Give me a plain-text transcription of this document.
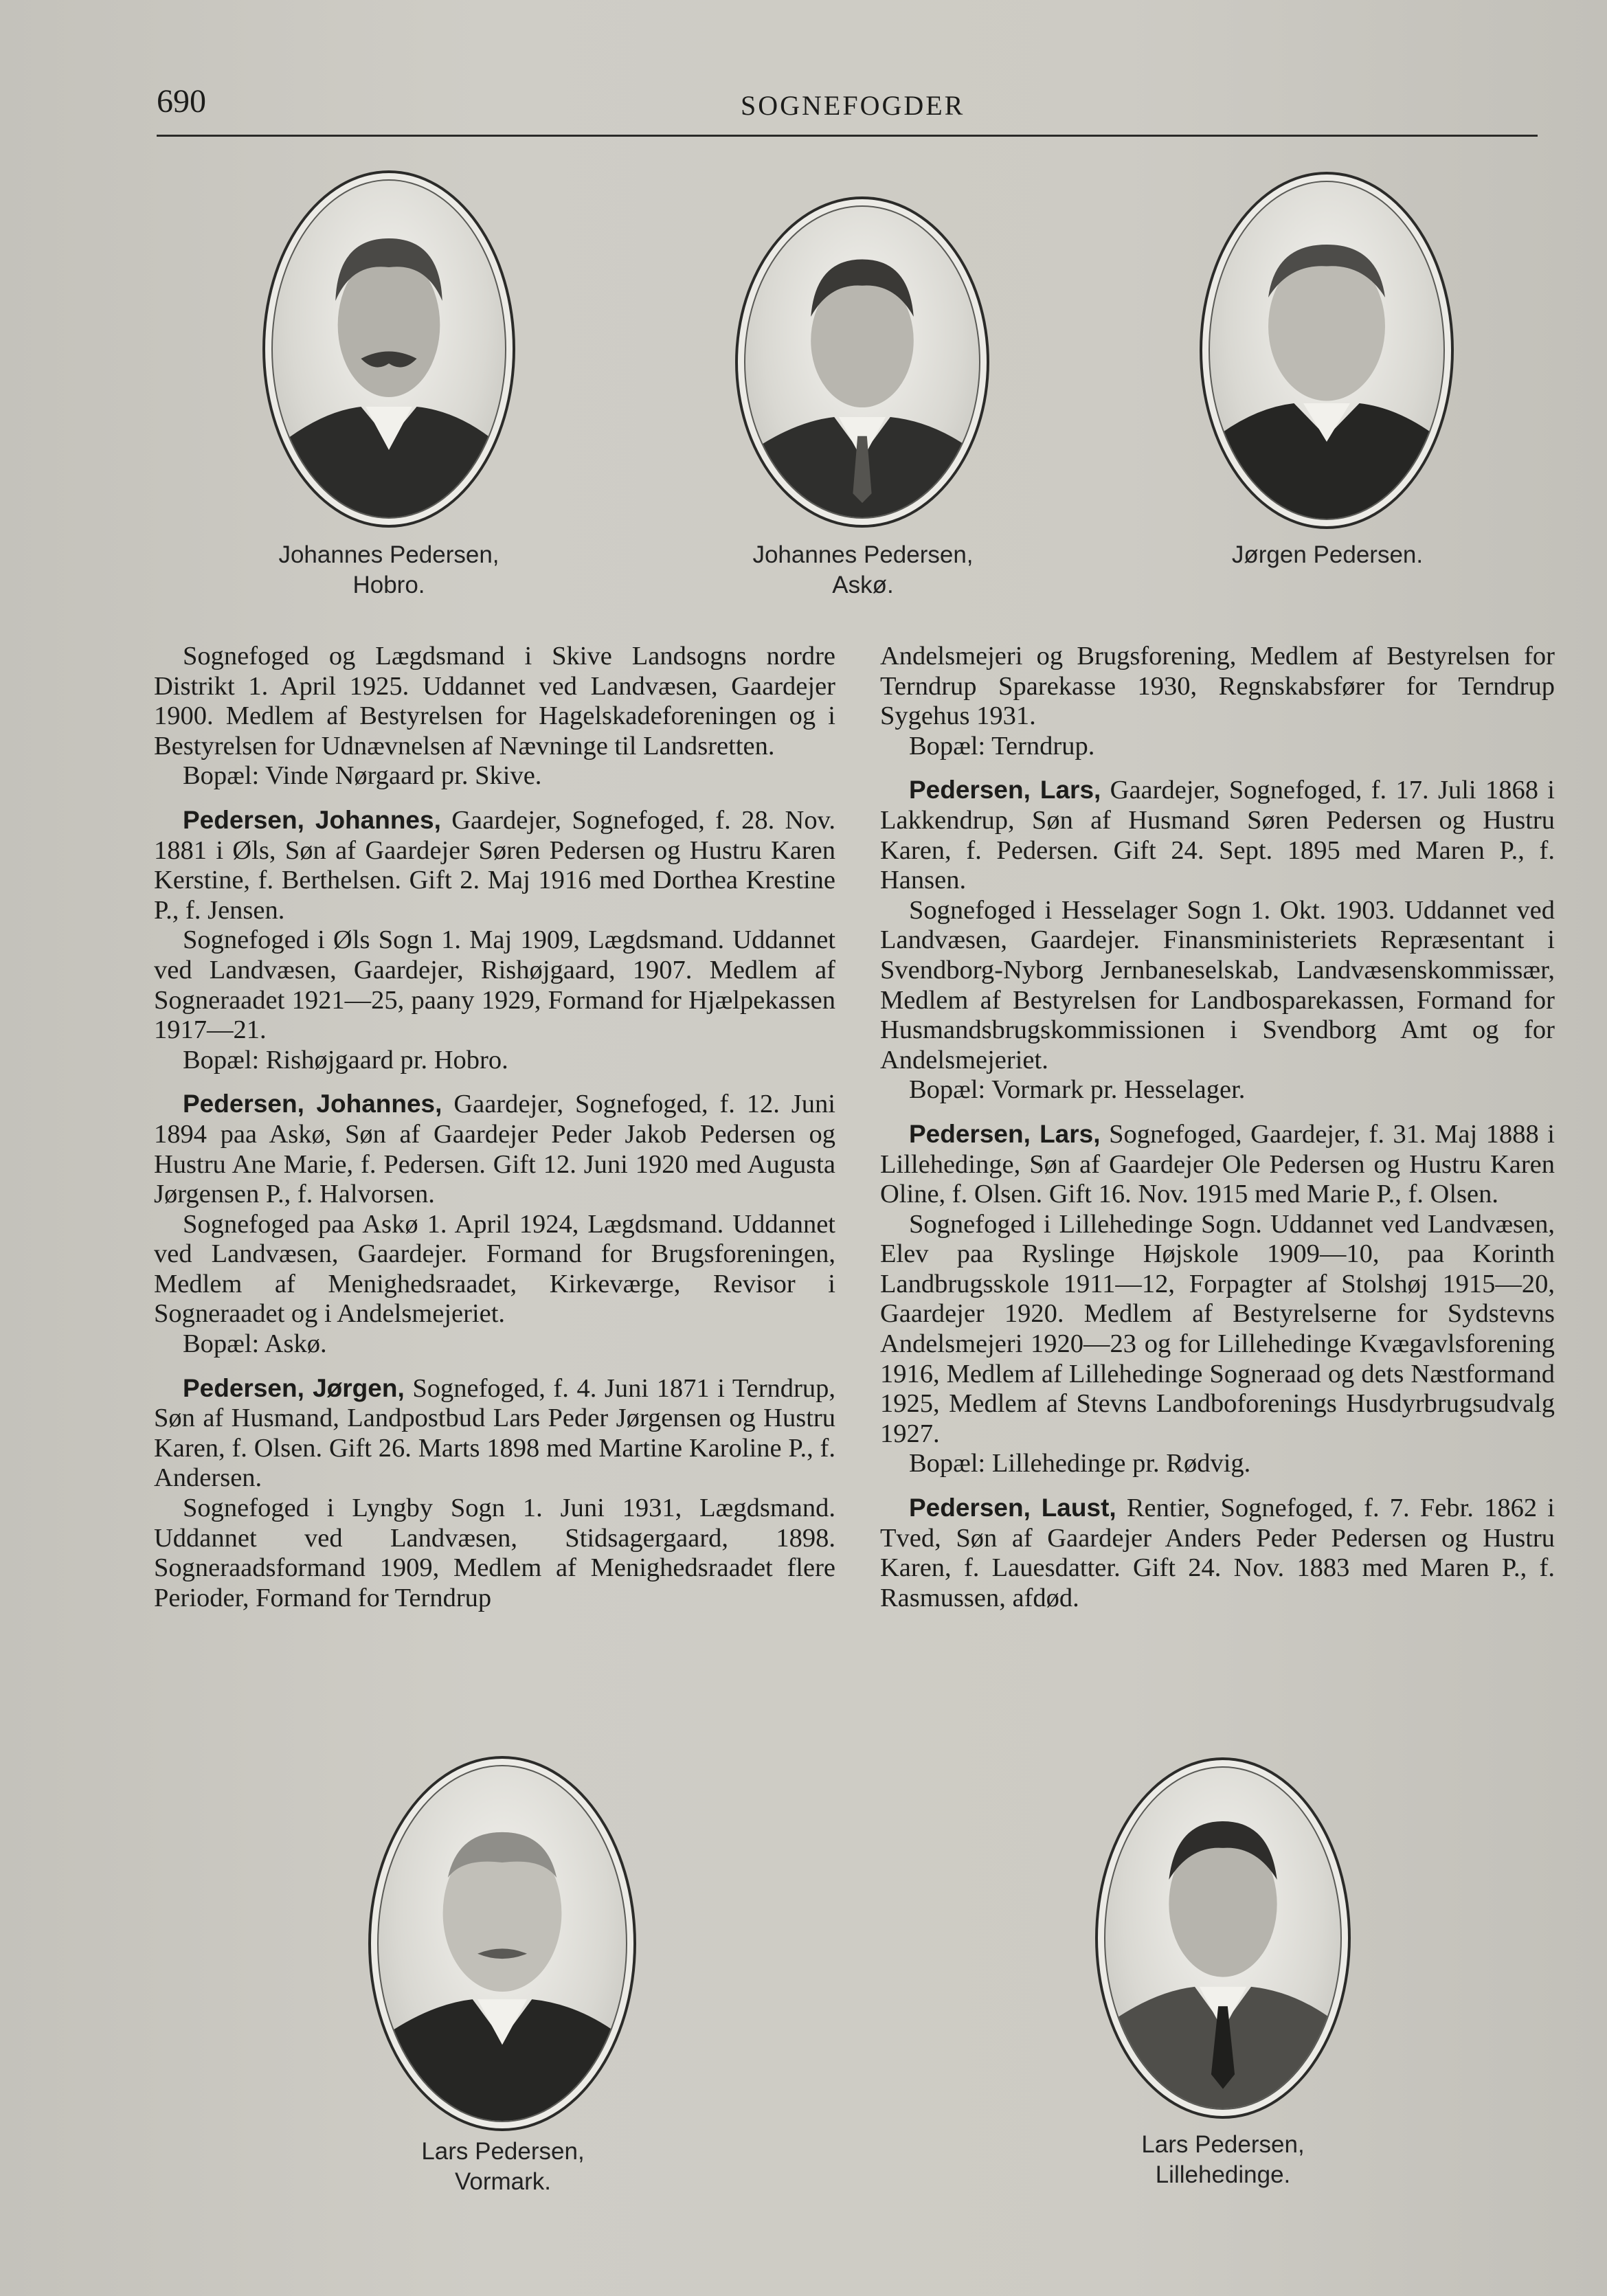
690	SOGNEFOGDER
Johannes Pedersen,
Hobro.
Johannes Pedersen,
Askø.
Jørgen Pedersen.

Sognefoged og Lægdsmand i Skive Landsogns nordre Distrikt 1. April 1925. Uddannet ved Landvæsen, Gaardejer 1900. Medlem af Bestyrelsen for Hagelskadeforeningen og i Bestyrelsen for Udnævnelsen af Nævninge til Landsretten.

Bopæl: Vinde Nørgaard pr. Skive.

Pedersen, Johannes, Gaardejer, Sognefoged, f. 28. Nov. 1881 i Øls, Søn af Gaardejer Søren Pedersen og Hustru Karen Kerstine, f. Berthelsen. Gift 2. Maj 1916 med Dorthea Krestine P., f. Jensen.

Sognefoged i Øls Sogn 1. Maj 1909, Lægdsmand. Uddannet ved Landvæsen, Gaardejer, Rishøjgaard, 1907. Medlem af Sogneraadet 1921—25, paany 1929, Formand for Hjælpekassen 1917—21.

Bopæl: Rishøjgaard pr. Hobro.

Pedersen, Johannes, Gaardejer, Sognefoged, f. 12. Juni 1894 paa Askø, Søn af Gaardejer Peder Jakob Pedersen og Hustru Ane Marie, f. Pedersen. Gift 12. Juni 1920 med Augusta Jørgensen P., f. Halvorsen.

Sognefoged paa Askø 1. April 1924, Lægdsmand. Uddannet ved Landvæsen, Gaardejer. Formand for Brugsforeningen, Medlem af Menighedsraadet, Kirkeværge, Revisor i Sogneraadet og i Andelsmejeriet.

Bopæl: Askø.

Pedersen, Jørgen, Sognefoged, f. 4. Juni 1871 i Terndrup, Søn af Husmand, Landpostbud Lars Peder Jørgensen og Hustru Karen, f. Olsen. Gift 26. Marts 1898 med Martine Karoline P., f. Andersen.

Sognefoged i Lyngby Sogn 1. Juni 1931, Lægdsmand. Uddannet ved Landvæsen, Stidsagergaard, 1898. Sogneraadsformand 1909, Medlem af Menighedsraadet flere Perioder, Formand for Terndrup

Andelsmejeri og Brugsforening, Medlem af Bestyrelsen for Terndrup Sparekasse 1930, Regnskabsfører for Terndrup Sygehus 1931.

Bopæl: Terndrup.

Pedersen, Lars, Gaardejer, Sognefoged, f. 17. Juli 1868 i Lakkendrup, Søn af Husmand Søren Pedersen og Hustru Karen, f. Pedersen. Gift 24. Sept. 1895 med Maren P., f. Hansen.

Sognefoged i Hesselager Sogn 1. Okt. 1903. Uddannet ved Landvæsen, Gaardejer. Finansministeriets Repræsentant i Svendborg-Nyborg Jernbaneselskab, Landvæsenskommissær, Medlem af Bestyrelsen for Landbosparekassen, Formand for Husmandsbrugskommissionen i Svendborg Amt og for Andelsmejeriet.

Bopæl: Vormark pr. Hesselager.

Pedersen, Lars, Sognefoged, Gaardejer, f. 31. Maj 1888 i Lillehedinge, Søn af Gaardejer Ole Pedersen og Hustru Karen Oline, f. Olsen. Gift 16. Nov. 1915 med Marie P., f. Olsen.

Sognefoged i Lillehedinge Sogn. Uddannet ved Landvæsen, Elev paa Ryslinge Højskole 1909—10, paa Korinth Landbrugsskole 1911—12, Forpagter af Stolshøj 1915—20, Gaardejer 1920. Medlem af Bestyrelserne for Sydstevns Andelsmejeri 1920—23 og for Lillehedinge Kvægavlsforening 1916, Medlem af Lillehedinge Sogneraad og dets Næstformand 1925, Medlem af Stevns Landboforenings Husdyrbrugsudvalg 1927.

Bopæl: Lillehedinge pr. Rødvig.

Pedersen, Laust, Rentier, Sognefoged, f. 7. Febr. 1862 i Tved, Søn af Gaardejer Anders Peder Pedersen og Hustru Karen, f. Lauesdatter. Gift 24. Nov. 1883 med Maren P., f. Rasmussen, afdød.

Lars Pedersen,
Vormark.
Lars Pedersen,
Lillehedinge.
